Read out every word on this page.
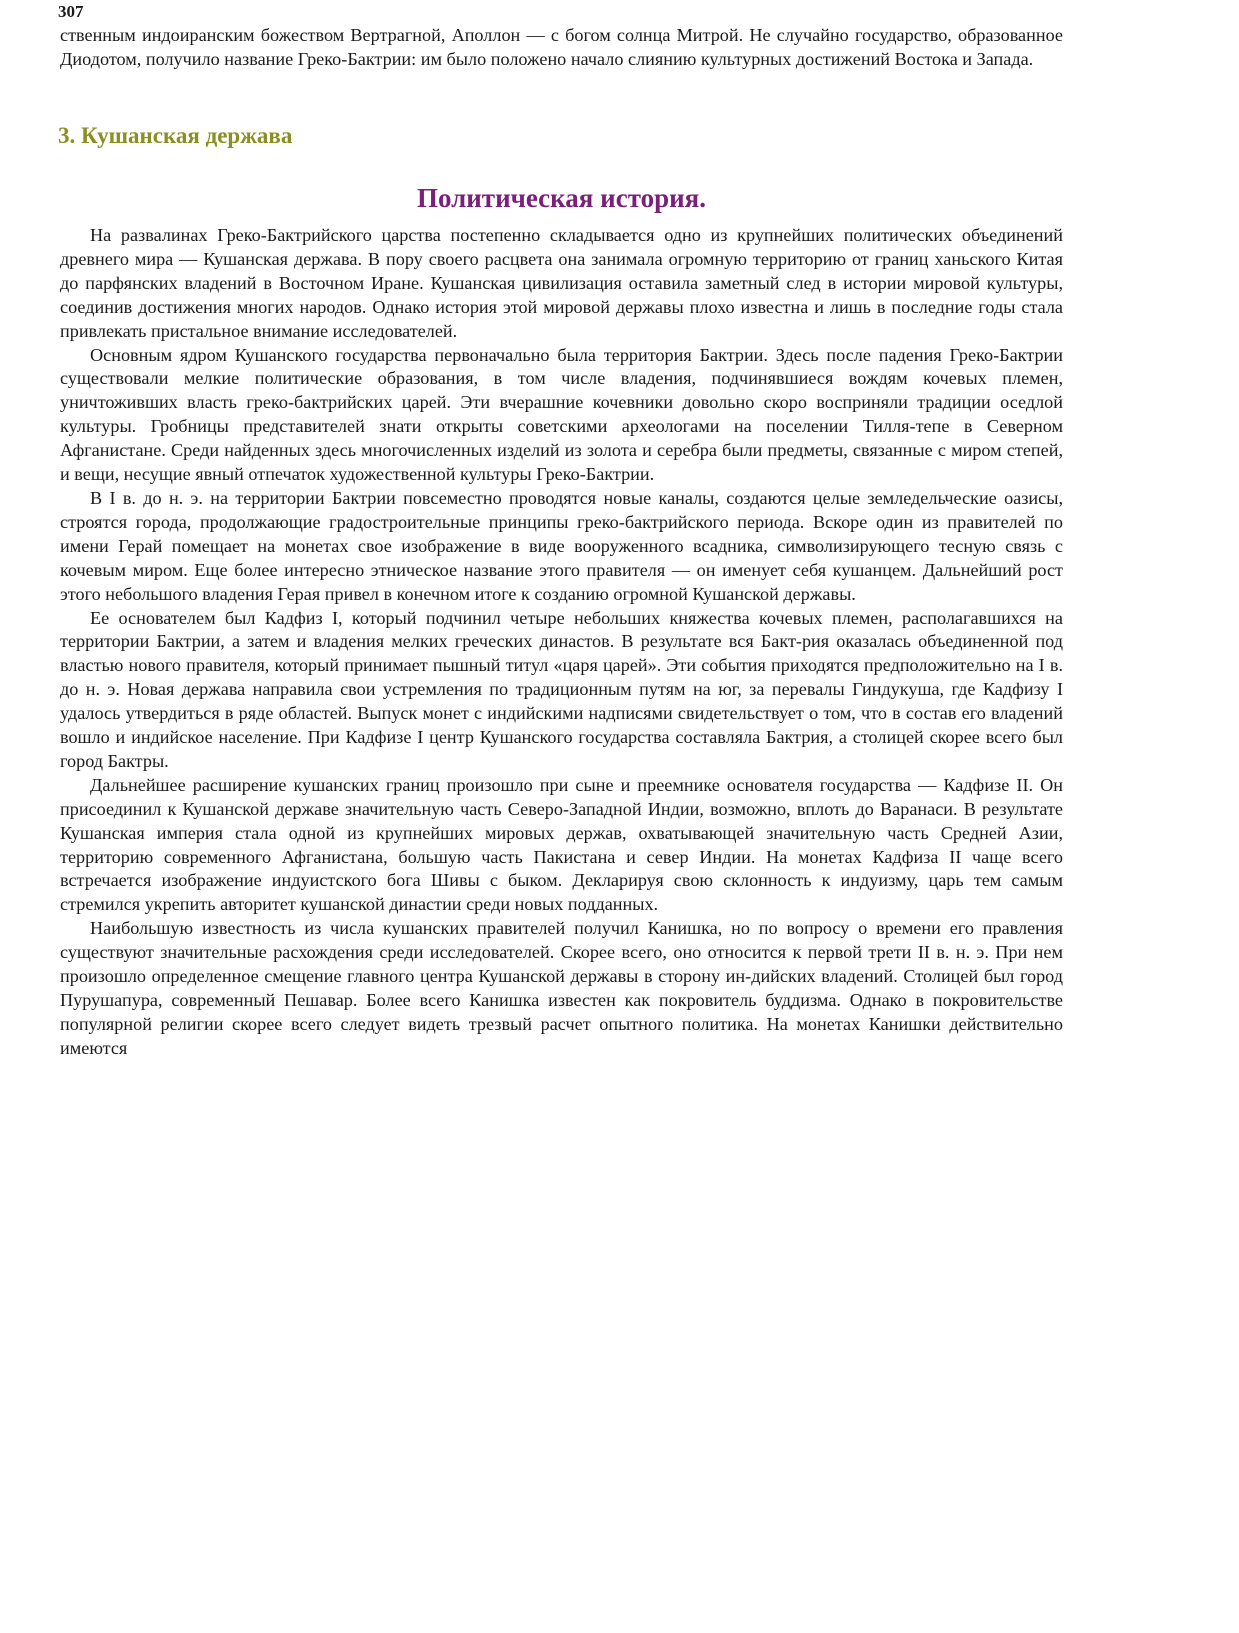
307

ственным индоиранским божеством Вертрагной, Аполлон — с богом солнца Митрой. Не случайно государство, образованное Диодотом, получило название Греко-Бактрии: им было положено начало слиянию культурных достижений Востока и Запада.

3. Кушанская держава
Политическая история.

На развалинах Греко-Бактрийского царства постепенно складывается одно из крупнейших политических объединений древнего мира — Кушанская держава. В пору своего расцвета она занимала огромную территорию от границ ханьского Китая до парфянских владений в Восточном Иране. Кушанская цивилизация оставила заметный след в истории мировой культуры, соединив достижения многих народов. Однако история этой мировой державы плохо известна и лишь в последние годы стала привлекать пристальное внимание исследователей.

Основным ядром Кушанского государства первоначально была территория Бактрии. Здесь после падения Греко-Бактрии существовали мелкие политические образования, в том числе владения, подчинявшиеся вождям кочевых племен, уничтоживших власть греко-бактрийских царей. Эти вчерашние кочевники довольно скоро восприняли традиции оседлой культуры. Гробницы представителей знати открыты советскими археологами на поселении Тилля-тепе в Северном Афганистане. Среди найденных здесь многочисленных изделий из золота и серебра были предметы, связанные с миром степей, и вещи, несущие явный отпечаток художественной культуры Греко-Бактрии.

В I в. до н. э. на территории Бактрии повсеместно проводятся новые каналы, создаются целые земледельческие оазисы, строятся города, продолжающие градостроительные принципы греко-бактрийского периода. Вскоре один из правителей по имени Герай помещает на монетах свое изображение в виде вооруженного всадника, символизирующего тесную связь с кочевым миром. Еще более интересно этническое название этого правителя — он именует себя кушанцем. Дальнейший рост этого небольшого владения Герая привел в конечном итоге к созданию огромной Кушанской державы.

Ее основателем был Кадфиз I, который подчинил четыре небольших княжества кочевых племен, располагавшихся на территории Бактрии, а затем и владения мелких греческих династов. В результате вся Бакт-рия оказалась объединенной под властью нового правителя, который принимает пышный титул «царя царей». Эти события приходятся предположительно на I в. до н. э. Новая держава направила свои устремления по традиционным путям на юг, за перевалы Гиндукуша, где Кадфизу I удалось утвердиться в ряде областей. Выпуск монет с индийскими надписями свидетельствует о том, что в состав его владений вошло и индийское население. При Кадфизе I центр Кушанского государства составляла Бактрия, а столицей скорее всего был город Бактры.

Дальнейшее расширение кушанских границ произошло при сыне и преемнике основателя государства — Кадфизе II. Он присоединил к Кушанской державе значительную часть Северо-Западной Индии, возможно, вплоть до Варанаси. В результате Кушанская империя стала одной из крупнейших мировых держав, охватывающей значительную часть Средней Азии, территорию современного Афганистана, большую часть Пакистана и север Индии. На монетах Кадфиза II чаще всего встречается изображение индуистского бога Шивы с быком. Декларируя свою склонность к индуизму, царь тем самым стремился укрепить авторитет кушанской династии среди новых подданных.

Наибольшую известность из числа кушанских правителей получил Канишка, но по вопросу о времени его правления существуют значительные расхождения среди исследователей. Скорее всего, оно относится к первой трети II в. н. э. При нем произошло определенное смещение главного центра Кушанской державы в сторону ин-дийских владений. Столицей был город Пурушапура, современный Пешавар. Более всего Канишка известен как покровитель буддизма. Однако в покровительстве популярной религии скорее всего следует видеть трезвый расчет опытного политика. На монетах Канишки действительно имеются
